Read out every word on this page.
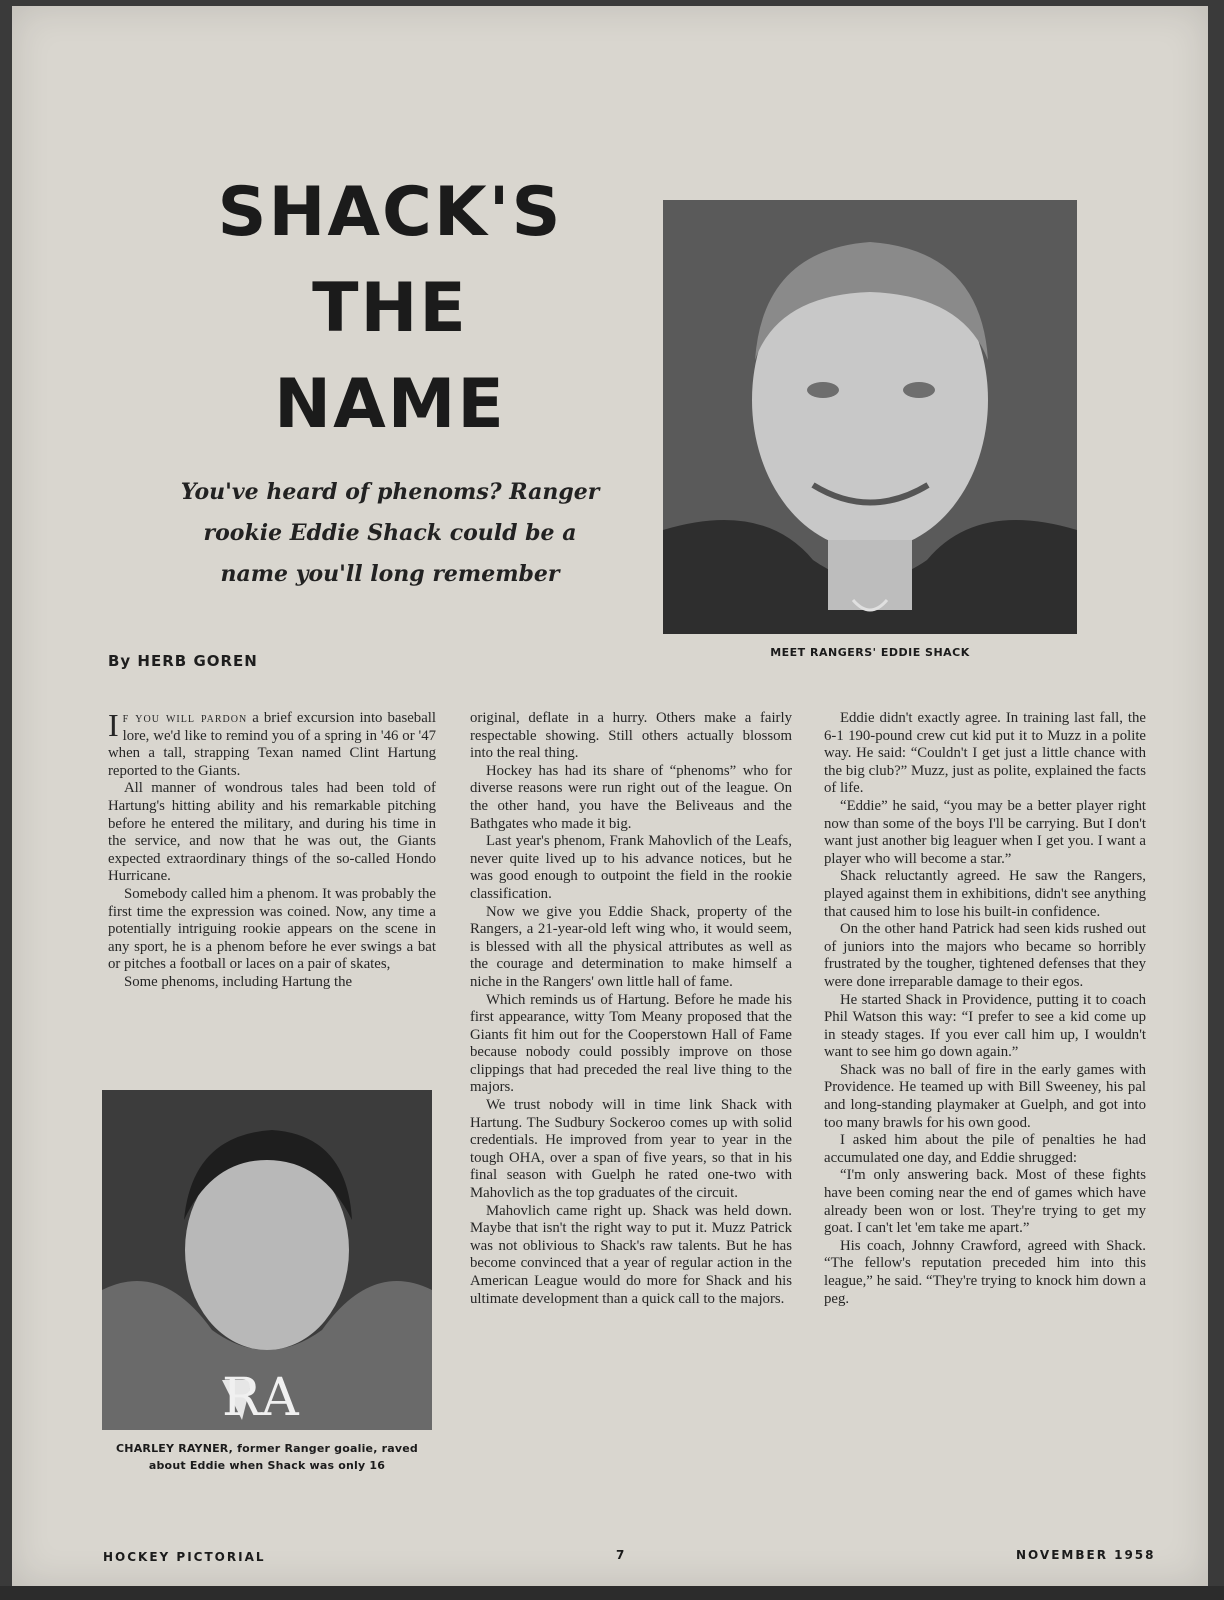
SHACK'S
THE
NAME
You've heard of phenoms? Ranger
rookie Eddie Shack could be a
name you'll long remember
By HERB GOREN	MEET RANGERS' EDDIE SHACK
RA
CHARLEY RAYNER, former Ranger goalie, raved about Eddie when Shack was only 16

If you will pardon a brief excursion into baseball lore, we'd like to remind you of a spring in '46 or '47 when a tall, strapping Texan named Clint Hartung reported to the Giants.

All manner of wondrous tales had been told of Hartung's hitting ability and his remarkable pitching before he entered the military, and during his time in the service, and now that he was out, the Giants expected extraordinary things of the so-called Hondo Hurricane.

Somebody called him a phenom. It was probably the first time the expression was coined. Now, any time a potentially intriguing rookie appears on the scene in any sport, he is a phenom before he ever swings a bat or pitches a football or laces on a pair of skates,

Some phenoms, including Hartung the

original, deflate in a hurry. Others make a fairly respectable showing. Still others actually blossom into the real thing.

Hockey has had its share of “phenoms” who for diverse reasons were run right out of the league. On the other hand, you have the Beliveaus and the Bathgates who made it big.

Last year's phenom, Frank Mahovlich of the Leafs, never quite lived up to his advance notices, but he was good enough to outpoint the field in the rookie classification.

Now we give you Eddie Shack, property of the Rangers, a 21-year-old left wing who, it would seem, is blessed with all the physical attributes as well as the courage and determination to make himself a niche in the Rangers' own little hall of fame.

Which reminds us of Hartung. Before he made his first appearance, witty Tom Meany proposed that the Giants fit him out for the Cooperstown Hall of Fame because nobody could possibly improve on those clippings that had preceded the real live thing to the majors.

We trust nobody will in time link Shack with Hartung. The Sudbury Sockeroo comes up with solid credentials. He improved from year to year in the tough OHA, over a span of five years, so that in his final season with Guelph he rated one-two with Mahovlich as the top graduates of the circuit.

Mahovlich came right up. Shack was held down. Maybe that isn't the right way to put it. Muzz Patrick was not oblivious to Shack's raw talents. But he has become convinced that a year of regular action in the American League would do more for Shack and his ultimate development than a quick call to the majors.

Eddie didn't exactly agree. In training last fall, the 6-1 190-pound crew cut kid put it to Muzz in a polite way. He said: “Couldn't I get just a little chance with the big club?” Muzz, just as polite, explained the facts of life.

“Eddie” he said, “you may be a better player right now than some of the boys I'll be carrying. But I don't want just another big leaguer when I get you. I want a player who will become a star.”

Shack reluctantly agreed. He saw the Rangers, played against them in exhibitions, didn't see anything that caused him to lose his built-in confidence.

On the other hand Patrick had seen kids rushed out of juniors into the majors who became so horribly frustrated by the tougher, tightened defenses that they were done irreparable damage to their egos.

He started Shack in Providence, putting it to coach Phil Watson this way: “I prefer to see a kid come up in steady stages. If you ever call him up, I wouldn't want to see him go down again.”

Shack was no ball of fire in the early games with Providence. He teamed up with Bill Sweeney, his pal and long-standing playmaker at Guelph, and got into too many brawls for his own good.

I asked him about the pile of penalties he had accumulated one day, and Eddie shrugged:

“I'm only answering back. Most of these fights have been coming near the end of games which have already been won or lost. They're trying to get my goat. I can't let 'em take me apart.”

His coach, Johnny Crawford, agreed with Shack. “The fellow's reputation preceded him into this league,” he said. “They're trying to knock him down a peg.

HOCKEY PICTORIAL	7	NOVEMBER 1958
